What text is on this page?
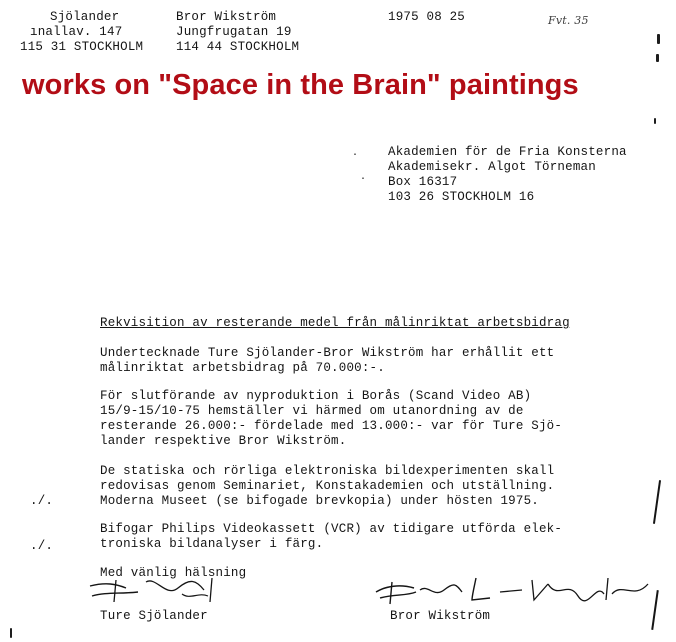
Sjölander
ınallav. 147
115 31 STOCKHOLM
Bror Wikström
Jungfrugatan 19
114 44 STOCKHOLM
1975 08 25	Fvt. 35
works on "Space in the Brain" paintings
· Akademien för de Fria Konsterna
Akademisekr. Algot Törneman
Box 16317
103 26 STOCKHOLM 16
·
Rekvisition av resterande medel från målinriktat arbetsbidrag
Undertecknade Ture Sjölander-Bror Wikström har erhållit ett
målinriktat arbetsbidrag på 70.000:-.
För slutförande av nyproduktion i Borås (Scand Video AB)
15/9-15/10-75 hemställer vi härmed om utanordning av de
resterande 26.000:- fördelade med 13.000:- var för Ture Sjö-
lander respektive Bror Wikström.
De statiska och rörliga elektroniska bildexperimenten skall
redovisas genom Seminariet, Konstakademien och utställning.
Moderna Museet (se bifogade brevkopia) under hösten 1975.
./.
Bifogar Philips Videokassett (VCR) av tidigare utförda elek-
troniska bildanalyser i färg.
./.
Med vänlig hälsning
Ture Sjölander	Bror Wikström
